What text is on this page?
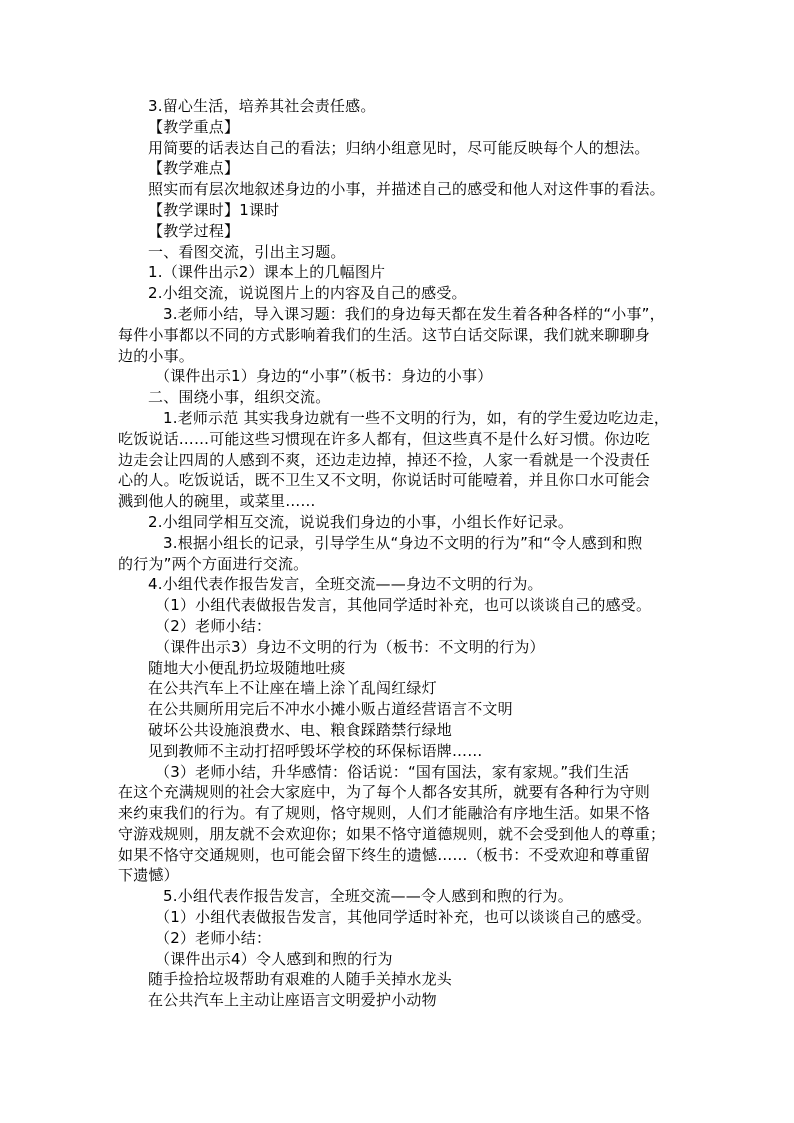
3.留心生活，培养其社会责任感。

【教学重点】

用简要的话表达自己的看法；归纳小组意见时，尽可能反映每个人的想法。

【教学难点】

照实而有层次地叙述身边的小事，并描述自己的感受和他人对这件事的看法。

【教学课时】1课时

【教学过程】

一、看图交流，引出主习题。

1.（课件出示2）课本上的几幅图片

2.小组交流，说说图片上的内容及自己的感受。

3.老师小结，导入课习题：我们的身边每天都在发生着各种各样的“小事”，

每件小事都以不同的方式影响着我们的生活。这节白话交际课，我们就来聊聊身

边的小事。

（课件出示1）身边的“小事”（板书：身边的小事）

二、围绕小事，组织交流。

1.老师示范 其实我身边就有一些不文明的行为，如，有的学生爱边吃边走，

吃饭说话……可能这些习惯现在许多人都有，但这些真不是什么好习惯。你边吃

边走会让四周的人感到不爽，还边走边掉，掉还不捡，人家一看就是一个没责任

心的人。吃饭说话，既不卫生又不文明，你说话时可能噎着，并且你口水可能会

溅到他人的碗里，或菜里……

2.小组同学相互交流，说说我们身边的小事，小组长作好记录。

3.根据小组长的记录，引导学生从“身边不文明的行为”和“令人感到和煦

的行为”两个方面进行交流。

4.小组代表作报告发言，全班交流——身边不文明的行为。

（1）小组代表做报告发言，其他同学适时补充，也可以谈谈自己的感受。

（2）老师小结：

（课件出示3）身边不文明的行为（板书：不文明的行为）

随地大小便乱扔垃圾随地吐痰

在公共汽车上不让座在墙上涂丫乱闯红绿灯

在公共厕所用完后不冲水小摊小贩占道经营语言不文明

破坏公共设施浪费水、电、粮食踩踏禁行绿地

见到教师不主动打招呼毁坏学校的环保标语牌……

（3）老师小结，升华感情：俗话说：“国有国法，家有家规。”我们生活

在这个充满规则的社会大家庭中，为了每个人都各安其所，就要有各种行为守则

来约束我们的行为。有了规则，恪守规则，人们才能融洽有序地生活。如果不恪

守游戏规则，朋友就不会欢迎你；如果不恪守道德规则，就不会受到他人的尊重；

如果不恪守交通规则，也可能会留下终生的遗憾……（板书：不受欢迎和尊重留

下遗憾）

5.小组代表作报告发言，全班交流——令人感到和煦的行为。

（1）小组代表做报告发言，其他同学适时补充，也可以谈谈自己的感受。

（2）老师小结：

（课件出示4）令人感到和煦的行为

随手捡拾垃圾帮助有艰难的人随手关掉水龙头

在公共汽车上主动让座语言文明爱护小动物
